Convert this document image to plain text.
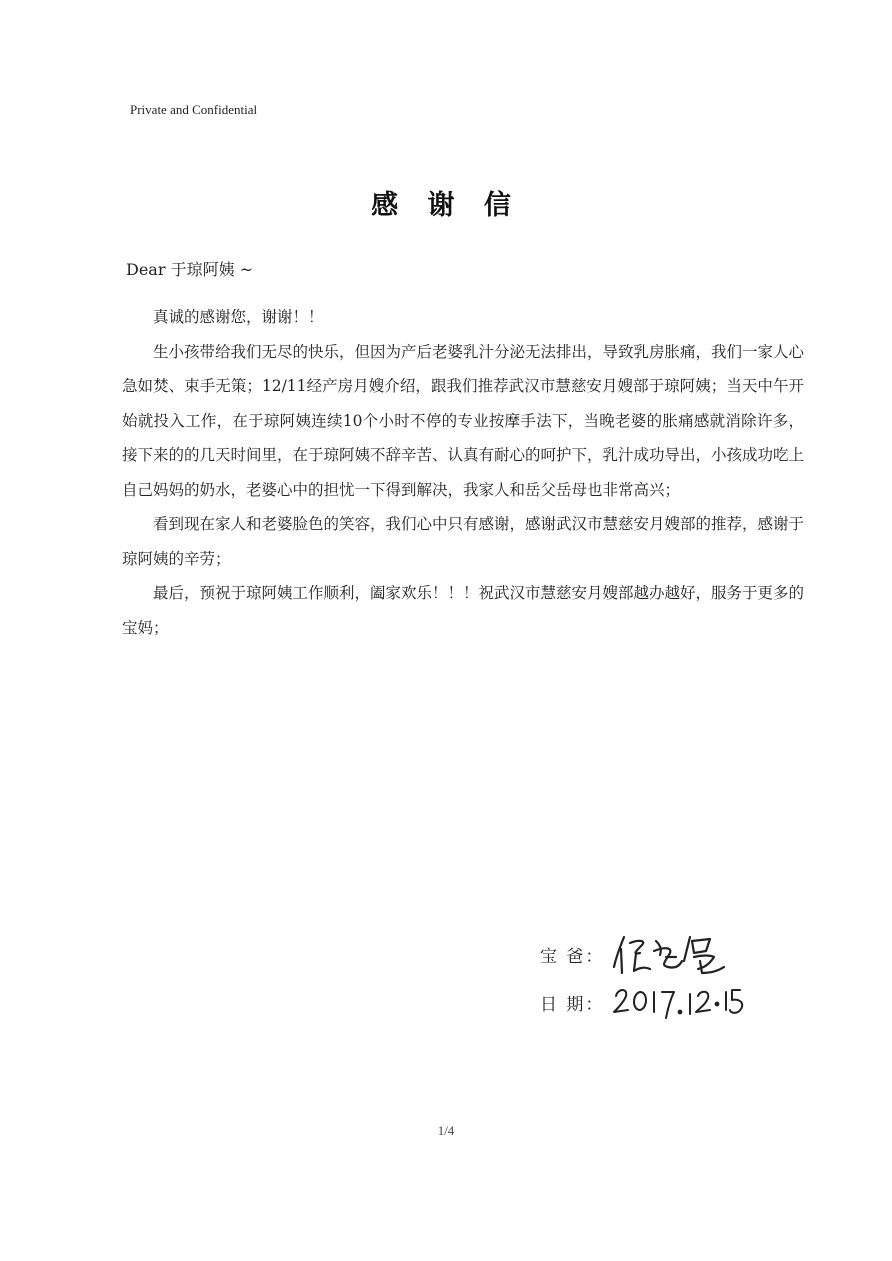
Private and Confidential
感 谢 信
Dear 于琼阿姨 ~

真诚的感谢您，谢谢！！

生小孩带给我们无尽的快乐，但因为产后老婆乳汁分泌无法排出，导致乳房胀痛，我们一家人心急如焚、束手无策；12/11经产房月嫂介绍，跟我们推荐武汉市慧慈安月嫂部于琼阿姨；当天中午开始就投入工作，在于琼阿姨连续10个小时不停的专业按摩手法下，当晚老婆的胀痛感就消除许多，接下来的的几天时间里，在于琼阿姨不辞辛苦、认真有耐心的呵护下，乳汁成功导出，小孩成功吃上自己妈妈的奶水，老婆心中的担忧一下得到解决，我家人和岳父岳母也非常高兴；

看到现在家人和老婆脸色的笑容，我们心中只有感谢，感谢武汉市慧慈安月嫂部的推荐，感谢于琼阿姨的辛劳；

最后，预祝于琼阿姨工作顺利，阖家欢乐！！！祝武汉市慧慈安月嫂部越办越好，服务于更多的宝妈；

宝 爸：
日 期：
1/4
